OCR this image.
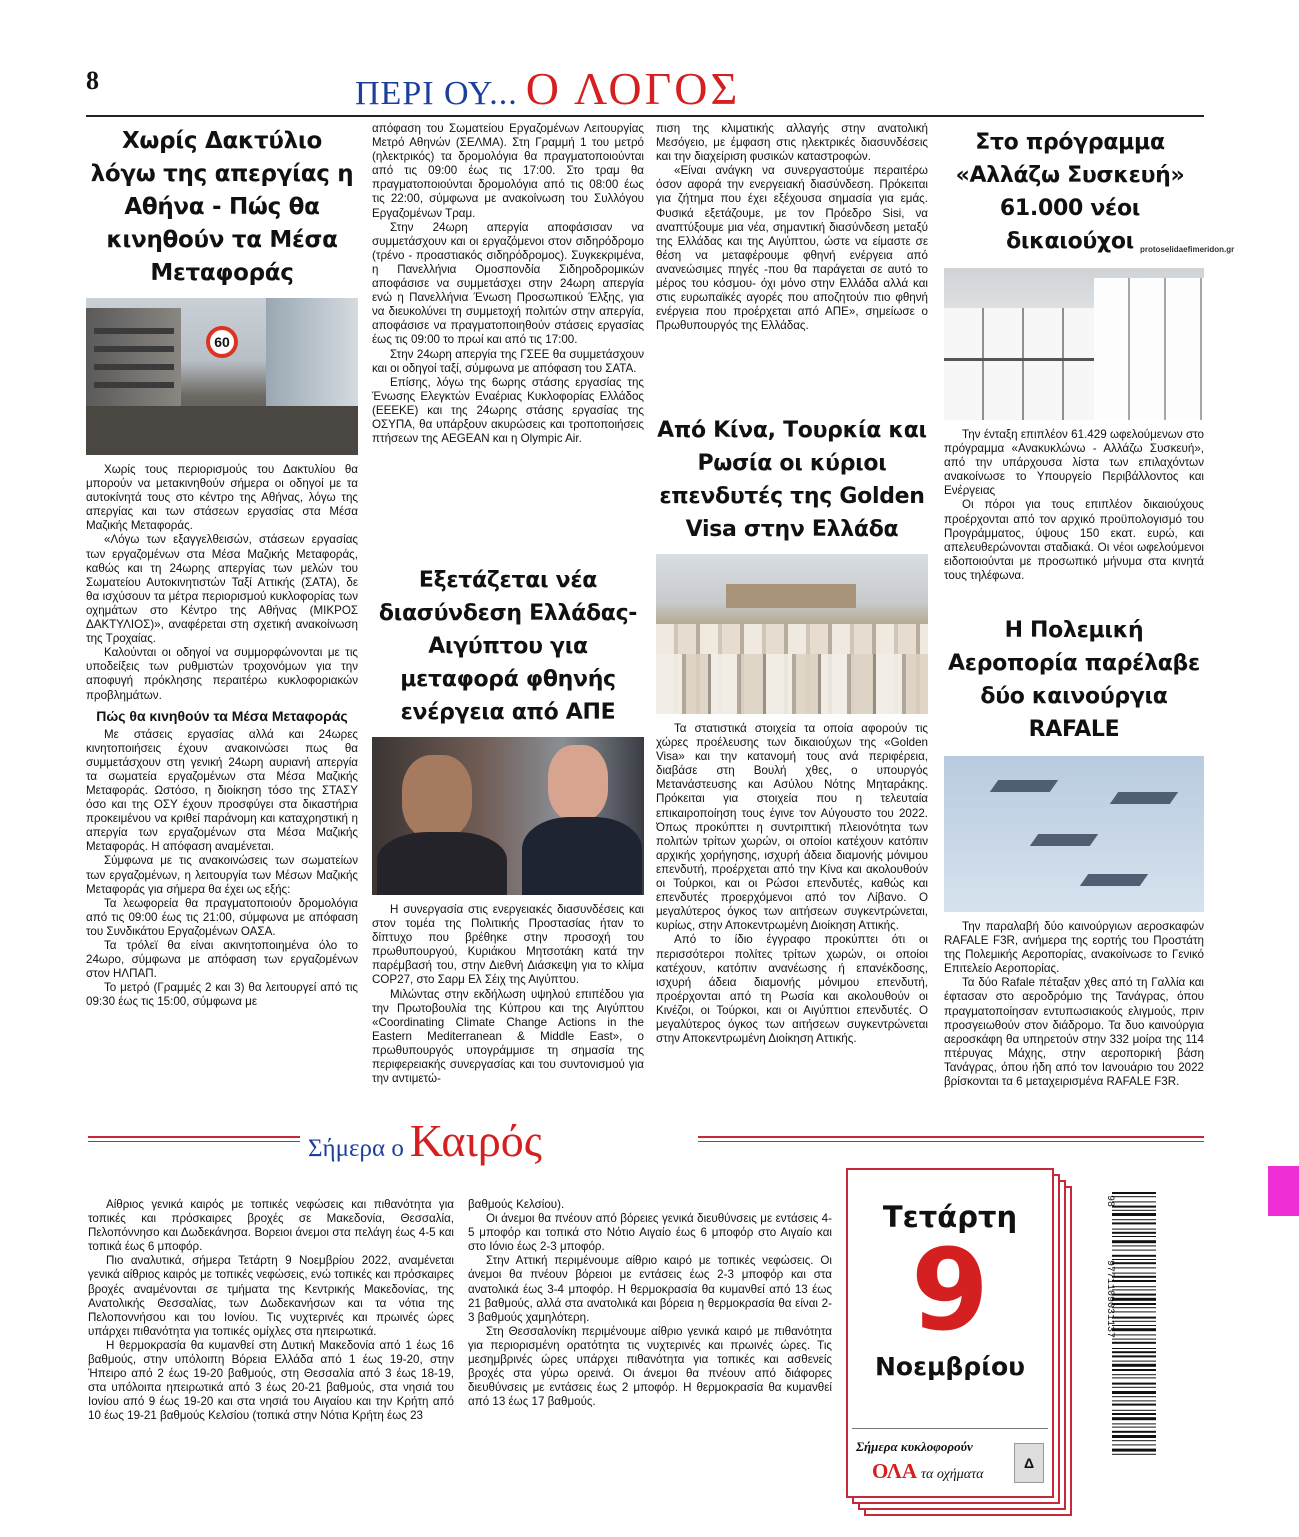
8	ΠΕΡΙ ΟΥ... Ο ΛΟΓΟΣ
Χωρίς Δακτύλιο λόγω της απεργίας η Αθήνα - Πώς θα κινηθούν τα Μέσα Μεταφοράς
60

Χωρίς τους περιορισμούς του Δακτυλίου θα μπορούν να μετακινηθούν σήμερα οι οδηγοί με τα αυτοκίνητά τους στο κέντρο της Αθήνας, λόγω της απεργίας και των στάσεων εργασίας στα Μέσα Μαζικής Μεταφοράς.

«Λόγω των εξαγγελθεισών, στάσεων εργασίας των εργαζομένων στα Μέσα Μαζικής Μεταφοράς, καθώς και τη 24ωρης απεργίας των μελών του Σωματείου Αυτοκινητιστών Ταξί Αττικής (ΣΑΤΑ), δε θα ισχύσουν τα μέτρα περιορισμού κυκλοφορίας των οχημάτων στο Κέντρο της Αθήνας (ΜΙΚΡΟΣ ΔΑΚΤΥΛΙΟΣ)», αναφέρεται στη σχετική ανακοίνωση της Τροχαίας.

Καλούνται οι οδηγοί να συμμορφώνονται με τις υποδείξεις των ρυθμιστών τροχονόμων για την αποφυγή πρόκλησης περαιτέρω κυκλοφοριακών προβλημάτων.

Πώς θα κινηθούν τα Μέσα Μεταφοράς

Με στάσεις εργασίας αλλά και 24ωρες κινητοποιήσεις έχουν ανακοινώσει πως θα συμμετάσχουν στη γενική 24ωρη αυριανή απεργία τα σωματεία εργαζομένων στα Μέσα Μαζικής Μεταφοράς. Ωστόσο, η διοίκηση τόσο της ΣΤΑΣΥ όσο και της ΟΣΥ έχουν προσφύγει στα δικαστήρια προκειμένου να κριθεί παράνομη και καταχρηστική η απεργία των εργαζομένων στα Μέσα Μαζικής Μεταφοράς. Η απόφαση αναμένεται.

Σύμφωνα με τις ανακοινώσεις των σωματείων των εργαζομένων, η λειτουργία των Μέσων Μαζικής Μεταφοράς για σήμερα θα έχει ως εξής:

Τα λεωφορεία θα πραγματοποιούν δρομολόγια από τις 09:00 έως τις 21:00, σύμφωνα με απόφαση του Συνδικάτου Εργαζομένων ΟΑΣΑ.

Τα τρόλεϊ θα είναι ακινητοποιημένα όλο το 24ωρο, σύμφωνα με απόφαση των εργαζομένων στον ΗΛΠΑΠ.

Το μετρό (Γραμμές 2 και 3) θα λειτουργεί από τις 09:30 έως τις 15:00, σύμφωνα με

απόφαση του Σωματείου Εργαζομένων Λειτουργίας Μετρό Αθηνών (ΣΕΛΜΑ). Στη Γραμμή 1 του μετρό (ηλεκτρικός) τα δρομολόγια θα πραγματοποιούνται από τις 09:00 έως τις 17:00. Στο τραμ θα πραγματοποιούνται δρομολόγια από τις 08:00 έως τις 22:00, σύμφωνα με ανακοίνωση του Συλλόγου Εργαζομένων Τραμ.

Στην 24ωρη απεργία αποφάσισαν να συμμετάσχουν και οι εργαζόμενοι στον σιδηρόδρομο (τρένο - προαστιακός σιδηρόδρομος). Συγκεκριμένα, η Πανελλήνια Ομοσπονδία Σιδηροδρομικών αποφάσισε να συμμετάσχει στην 24ωρη απεργία ενώ η Πανελλήνια Ένωση Προσωπικού Έλξης, για να διευκολύνει τη συμμετοχή πολιτών στην απεργία, αποφάσισε να πραγματοποιηθούν στάσεις εργασίας έως τις 09:00 το πρωί και από τις 17:00.

Στην 24ωρη απεργία της ΓΣΕΕ θα συμμετάσχουν και οι οδηγοί ταξί, σύμφωνα με απόφαση του ΣΑΤΑ.

Επίσης, λόγω της 6ωρης στάσης εργασίας της Ένωσης Ελεγκτών Εναέριας Κυκλοφορίας Ελλάδος (ΕΕΕΚΕ) και της 24ωρης στάσης εργασίας της ΟΣΥΠΑ, θα υπάρξουν ακυρώσεις και τροποποιήσεις πτήσεων της AEGEAN και η Olympic Air.

Εξετάζεται νέα διασύνδεση Ελλάδας-Αιγύπτου για μεταφορά φθηνής ενέργεια από ΑΠΕ

Η συνεργασία στις ενεργειακές διασυνδέσεις και στον τομέα της Πολιτικής Προστασίας ήταν το δίπτυχο που βρέθηκε στην προσοχή του πρωθυπουργού, Κυριάκου Μητσοτάκη κατά την παρέμβασή του, στην Διεθνή Διάσκεψη για το κλίμα COP27, στο Σαρμ Ελ Σέιχ της Αιγύπτου.

Μιλώντας στην εκδήλωση υψηλού επιπέδου για την Πρωτοβουλία της Κύπρου και της Αιγύπτου «Coordinating Climate Change Actions in the Eastern Mediterranean & Middle East», ο πρωθυπουργός υπογράμμισε τη σημασία της περιφερειακής συνεργασίας και του συντονισμού για την αντιμετώ-

πιση της κλιματικής αλλαγής στην ανατολική Μεσόγειο, με έμφαση στις ηλεκτρικές διασυνδέσεις και την διαχείριση φυσικών καταστροφών.

«Είναι ανάγκη να συνεργαστούμε περαιτέρω όσον αφορά την ενεργειακή διασύνδεση. Πρόκειται για ζήτημα που έχει εξέχουσα σημασία για εμάς. Φυσικά εξετάζουμε, με τον Πρόεδρο Sisi, να αναπτύξουμε μια νέα, σημαντική διασύνδεση μεταξύ της Ελλάδας και της Αιγύπτου, ώστε να είμαστε σε θέση να μεταφέρουμε φθηνή ενέργεια από ανανεώσιμες πηγές -που θα παράγεται σε αυτό το μέρος του κόσμου- όχι μόνο στην Ελλάδα αλλά και στις ευρωπαϊκές αγορές που αποζητούν πιο φθηνή ενέργεια που προέρχεται από ΑΠΕ», σημείωσε ο Πρωθυπουργός της Ελλάδας.

Από Κίνα, Τουρκία και Ρωσία οι κύριοι επενδυτές της Golden Visa στην Ελλάδα

Τα στατιστικά στοιχεία τα οποία αφορούν τις χώρες προέλευσης των δικαιούχων της «Golden Visa» και την κατανομή τους ανά περιφέρεια, διαβάσε στη Βουλή χθες, ο υπουργός Μετανάστευσης και Ασύλου Νότης Μηταράκης. Πρόκειται για στοιχεία που η τελευταία επικαιροποίηση τους έγινε τον Αύγουστο του 2022. Όπως προκύπτει η συντριπτική πλειονότητα των πολιτών τρίτων χωρών, οι οποίοι κατέχουν κατόπιν αρχικής χορήγησης, ισχυρή άδεια διαμονής μόνιμου επενδυτή, προέρχεται από την Κίνα και ακολουθούν οι Τούρκοι, και οι Ρώσοι επενδυτές, καθώς και επενδυτές προερχόμενοι από τον Λίβανο. Ο μεγαλύτερος όγκος των αιτήσεων συγκεντρώνεται, κυρίως, στην Αποκεντρωμένη Διοίκηση Αττικής.

Από το ίδιο έγγραφο προκύπτει ότι οι περισσότεροι πολίτες τρίτων χωρών, οι οποίοι κατέχουν, κατόπιν ανανέωσης ή επανέκδοσης, ισχυρή άδεια διαμονής μόνιμου επενδυτή, προέρχονται από τη Ρωσία και ακολουθούν οι Κινέζοι, οι Τούρκοι, και οι Αιγύπτιοι επενδυτές. Ο μεγαλύτερος όγκος των αιτήσεων συγκεντρώνεται στην Αποκεντρωμένη Διοίκηση Αττικής.

Στο πρόγραμμα «Αλλάζω Συσκευή» 61.000 νέοι δικαιούχοι

Την ένταξη επιπλέον 61.429 ωφελούμενων στο πρόγραμμα «Ανακυκλώνω - Αλλάζω Συσκευή», από την υπάρχουσα λίστα των επιλαχόντων ανακοίνωσε το Υπουργείο Περιβάλλοντος και Ενέργειας

Οι πόροι για τους επιπλέον δικαιούχους προέρχονται από τον αρχικό προϋπολογισμό του Προγράμματος, ύψους 150 εκατ. ευρώ, και απελευθερώνονται σταδιακά. Οι νέοι ωφελούμενοι ειδοποιούνται με προσωπικό μήνυμα στα κινητά τους τηλέφωνα.

protoselidaefimeridon.gr
Η Πολεμική Αεροπορία παρέλαβε δύο καινούργια RAFALE

Την παραλαβή δύο καινούργιων αεροσκαφών RAFALE F3R, ανήμερα της εορτής του Προστάτη της Πολεμικής Αεροπορίας, ανακοίνωσε το Γενικό Επιτελείο Αεροπορίας.

Τα δύο Rafale πέταξαν χθες από τη Γαλλία και έφτασαν στο αεροδρόμιο της Τανάγρας, όπου πραγματοποίησαν εντυπωσιακούς ελιγμούς, πριν προσγειωθούν στον διάδρομο. Τα δυο καινούργια αεροσκάφη θα υπηρετούν στην 332 μοίρα της 114 πτέρυγας Μάχης, στην αεροπορική βάση Τανάγρας, όπου ήδη από τον Ιανουάριο του 2022 βρίσκονται τα 6 μεταχειρισμένα RAFALE F3R.

Σήμερα ο Καιρός

Αίθριος γενικά καιρός με τοπικές νεφώσεις και πιθανότητα για τοπικές και πρόσκαιρες βροχές σε Μακεδονία, Θεσσαλία, Πελοπόννησο και Δωδεκάνησα. Βορειοι άνεμοι στα πελάγη έως 4-5 και τοπικά έως 6 μποφόρ.

Πιο αναλυτικά, σήμερα Τετάρτη 9 Νοεμβρίου 2022, αναμένεται γενικά αίθριος καιρός με τοπικές νεφώσεις, ενώ τοπικές και πρόσκαιρες βροχές αναμένονται σε τμήματα της Κεντρικής Μακεδονίας, της Ανατολικής Θεσσαλίας, των Δωδεκανήσων και τα νότια της Πελοποννήσου και του Ιονίου. Τις νυχτερινές και πρωινές ώρες υπάρχει πιθανότητα για τοπικές ομίχλες στα ηπειρωτικά.

Η θερμοκρασία θα κυμανθεί στη Δυτική Μακεδονία από 1 έως 16 βαθμούς, στην υπόλοιπη Βόρεια Ελλάδα από 1 έως 19-20, στην Ήπειρο από 2 έως 19-20 βαθμούς, στη Θεσσαλία από 3 έως 18-19, στα υπόλοιπα ηπειρωτικά από 3 έως 20-21 βαθμούς, στα νησιά του Ιονίου από 9 έως 19-20 και στα νησιά του Αιγαίου και την Κρήτη από 10 έως 19-21 βαθμούς Κελσίου (τοπικά στην Νότια Κρήτη έως 23

βαθμούς Κελσίου).

Οι άνεμοι θα πνέουν από βόρειες γενικά διευθύνσεις με εντάσεις 4-5 μποφόρ και τοπικά στο Νότιο Αιγαίο έως 6 μποφόρ στο Αιγαίο και στο Ιόνιο έως 2-3 μποφόρ.

Στην Αττική περιμένουμε αίθριο καιρό με τοπικές νεφώσεις. Οι άνεμοι θα πνέουν βόρειοι με εντάσεις έως 2-3 μποφόρ και στα ανατολικά έως 3-4 μποφόρ. Η θερμοκρασία θα κυμανθεί από 13 έως 21 βαθμούς, αλλά στα ανατολικά και βόρεια η θερμοκρασία θα είναι 2-3 βαθμούς χαμηλότερη.

Στη Θεσσαλονίκη περιμένουμε αίθριο γενικά καιρό με πιθανότητα για περιορισμένη ορατότητα τις νυχτερινές και πρωινές ώρες. Τις μεσημβρινές ώρες υπάρχει πιθανότητα για τοπικές και ασθενείς βροχές στα γύρω ορεινά. Οι άνεμοι θα πνέουν από διάφορες διευθύνσεις με εντάσεις έως 2 μποφόρ. Η θερμοκρασία θα κυμανθεί από 13 έως 17 βαθμούς.

Τετάρτη
9
Νοεμβρίου
Σήμερα κυκλοφορούν
ΟΛΑ τα οχήματα
Δ
9771109031137
98
